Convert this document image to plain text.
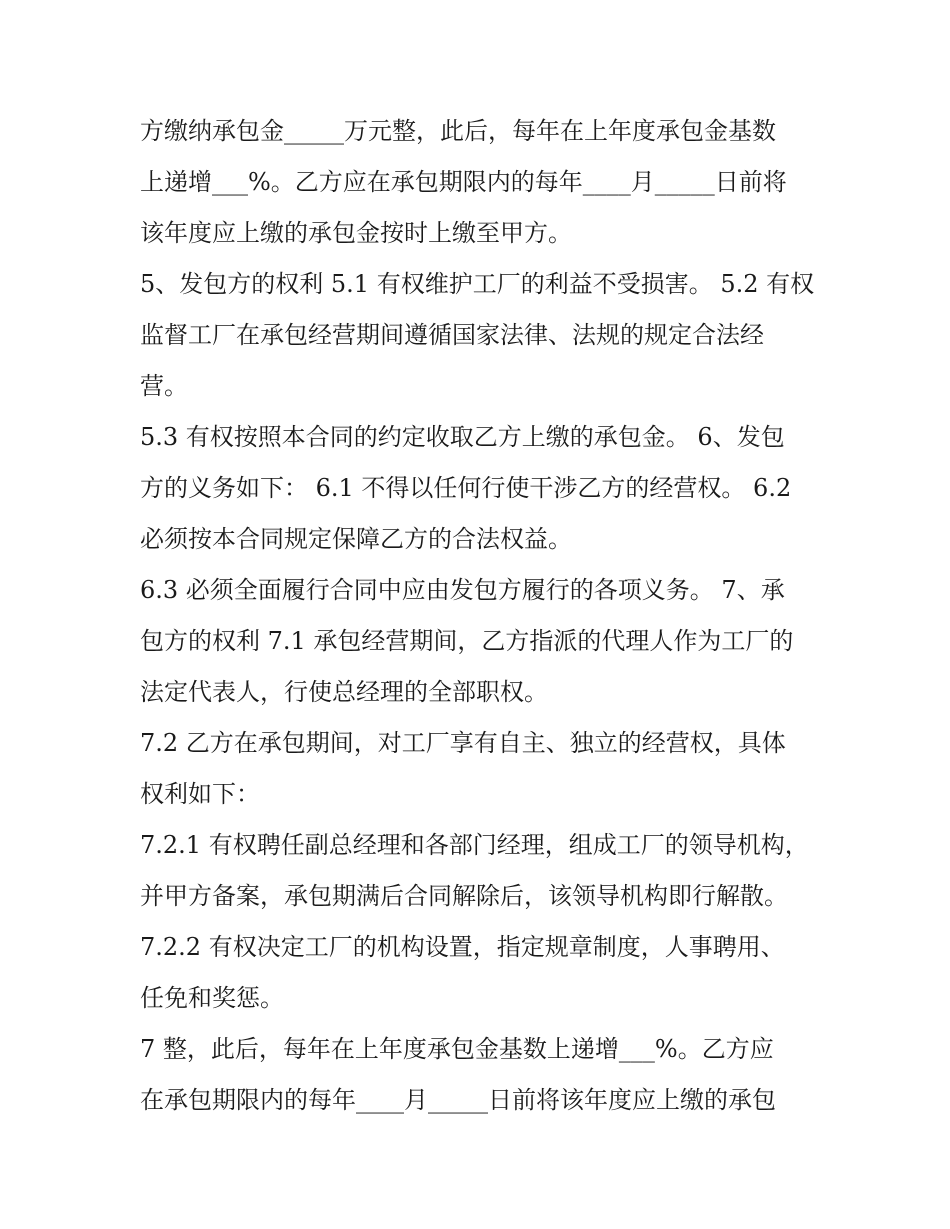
方缴纳承包金_____万元整，此后，每年在上年度承包金基数
上递增___%。乙方应在承包期限内的每年____月_____日前将
该年度应上缴的承包金按时上缴至甲方。
5、发包方的权利 5.1 有权维护工厂的利益不受损害。 5.2 有权
监督工厂在承包经营期间遵循国家法律、法规的规定合法经
营。
5.3 有权按照本合同的约定收取乙方上缴的承包金。 6、发包
方的义务如下： 6.1 不得以任何行使干涉乙方的经营权。 6.2
必须按本合同规定保障乙方的合法权益。
6.3 必须全面履行合同中应由发包方履行的各项义务。 7、承
包方的权利 7.1 承包经营期间，乙方指派的代理人作为工厂的
法定代表人，行使总经理的全部职权。
7.2 乙方在承包期间，对工厂享有自主、独立的经营权，具体
权利如下：
7.2.1 有权聘任副总经理和各部门经理，组成工厂的领导机构，
并甲方备案，承包期满后合同解除后，该领导机构即行解散。
7.2.2 有权决定工厂的机构设置，指定规章制度，人事聘用、
任免和奖惩。
7 整，此后，每年在上年度承包金基数上递增___%。乙方应
在承包期限内的每年____月_____日前将该年度应上缴的承包
